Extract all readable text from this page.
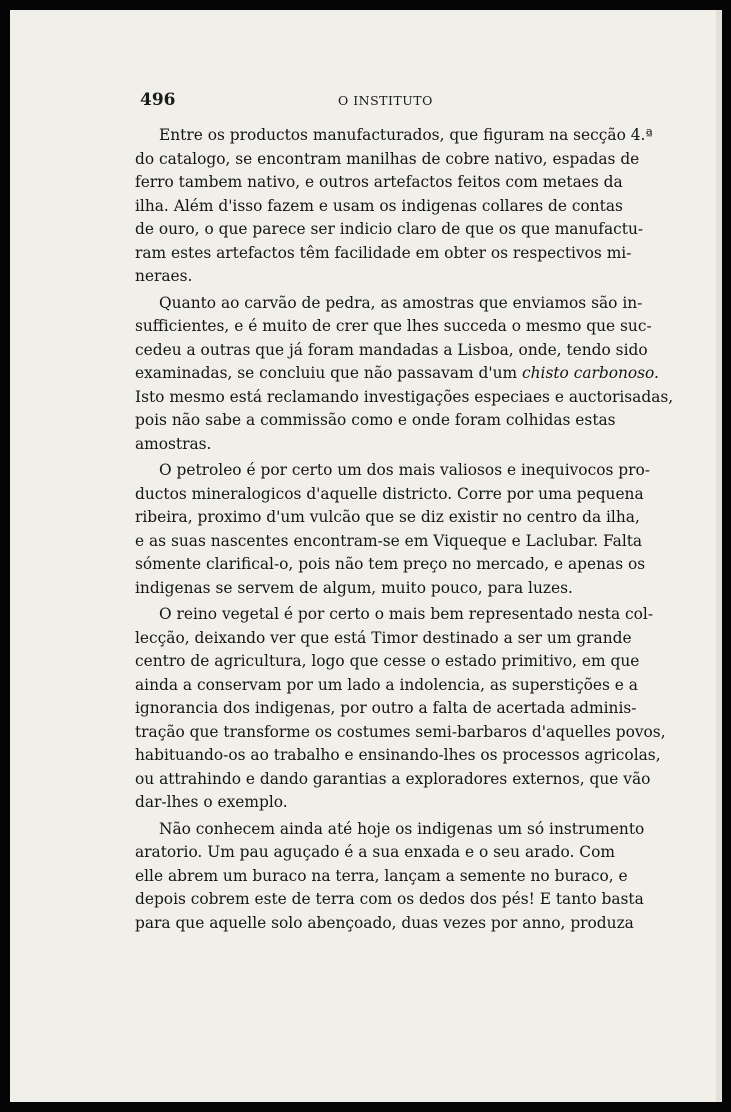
496	O INSTITUTO
Entre os productos manufacturados, que figuram na secção 4.ª
do catalogo, se encontram manilhas de cobre nativo, espadas de
ferro tambem nativo, e outros artefactos feitos com metaes da
ilha. Além d'isso fazem e usam os indigenas collares de contas
de ouro, o que parece ser indicio claro de que os que manufactu-
ram estes artefactos têm facilidade em obter os respectivos mi-
neraes.
Quanto ao carvão de pedra, as amostras que enviamos são in-
sufficientes, e é muito de crer que lhes succeda o mesmo que suc-
cedeu a outras que já foram mandadas a Lisboa, onde, tendo sido
examinadas, se concluiu que não passavam d'um chisto carbonoso.
Isto mesmo está reclamando investigações especiaes e auctorisadas,
pois não sabe a commissão como e onde foram colhidas estas
amostras.
O petroleo é por certo um dos mais valiosos e inequivocos pro-
ductos mineralogicos d'aquelle districto. Corre por uma pequena
ribeira, proximo d'um vulcão que se diz existir no centro da ilha,
e as suas nascentes encontram-se em Viqueque e Laclubar. Falta
sómente clarifical-o, pois não tem preço no mercado, e apenas os
indigenas se servem de algum, muito pouco, para luzes.
O reino vegetal é por certo o mais bem representado nesta col-
lecção, deixando ver que está Timor destinado a ser um grande
centro de agricultura, logo que cesse o estado primitivo, em que
ainda a conservam por um lado a indolencia, as superstições e a
ignorancia dos indigenas, por outro a falta de acertada adminis-
tração que transforme os costumes semi-barbaros d'aquelles povos,
habituando-os ao trabalho e ensinando-lhes os processos agricolas,
ou attrahindo e dando garantias a exploradores externos, que vão
dar-lhes o exemplo.
Não conhecem ainda até hoje os indigenas um só instrumento
aratorio. Um pau aguçado é a sua enxada e o seu arado. Com
elle abrem um buraco na terra, lançam a semente no buraco, e
depois cobrem este de terra com os dedos dos pés! E tanto basta
para que aquelle solo abençoado, duas vezes por anno, produza
